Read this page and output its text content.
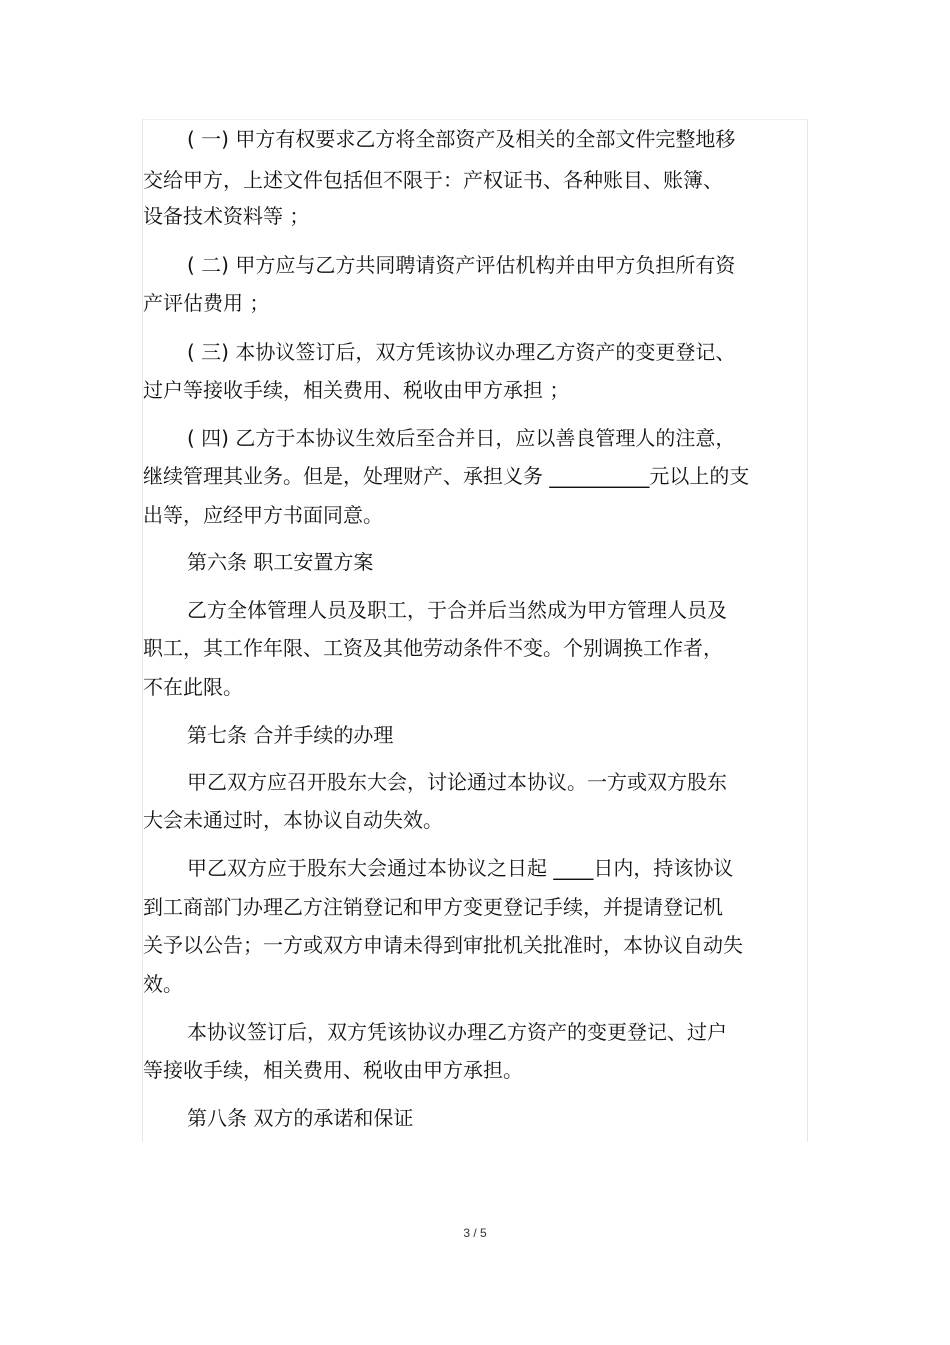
( 一) 甲方有权要求乙方将全部资产及相关的全部文件完整地移
交给甲方，上述文件包括但不限于：产权证书、各种账目、账簿、
设备技术资料等 ；
( 二) 甲方应与乙方共同聘请资产评估机构并由甲方负担所有资
产评估费用 ；
( 三) 本协议签订后，双方凭该协议办理乙方资产的变更登记、
过户等接收手续，相关费用、税收由甲方承担 ；
( 四) 乙方于本协议生效后至合并日，应以善良管理人的注意，
继续管理其业务。但是，处理财产、承担义务 __________元以上的支
出等，应经甲方书面同意。
第六条 职工安置方案
乙方全体管理人员及职工，于合并后当然成为甲方管理人员及
职工，其工作年限、工资及其他劳动条件不变。个别调换工作者，
不在此限。
第七条 合并手续的办理
甲乙双方应召开股东大会，讨论通过本协议。一方或双方股东
大会未通过时，本协议自动失效。
甲乙双方应于股东大会通过本协议之日起 ____日内，持该协议
到工商部门办理乙方注销登记和甲方变更登记手续，并提请登记机
关予以公告；一方或双方申请未得到审批机关批准时，本协议自动失
效。
本协议签订后，双方凭该协议办理乙方资产的变更登记、过户
等接收手续，相关费用、税收由甲方承担。
第八条 双方的承诺和保证
3 / 5
